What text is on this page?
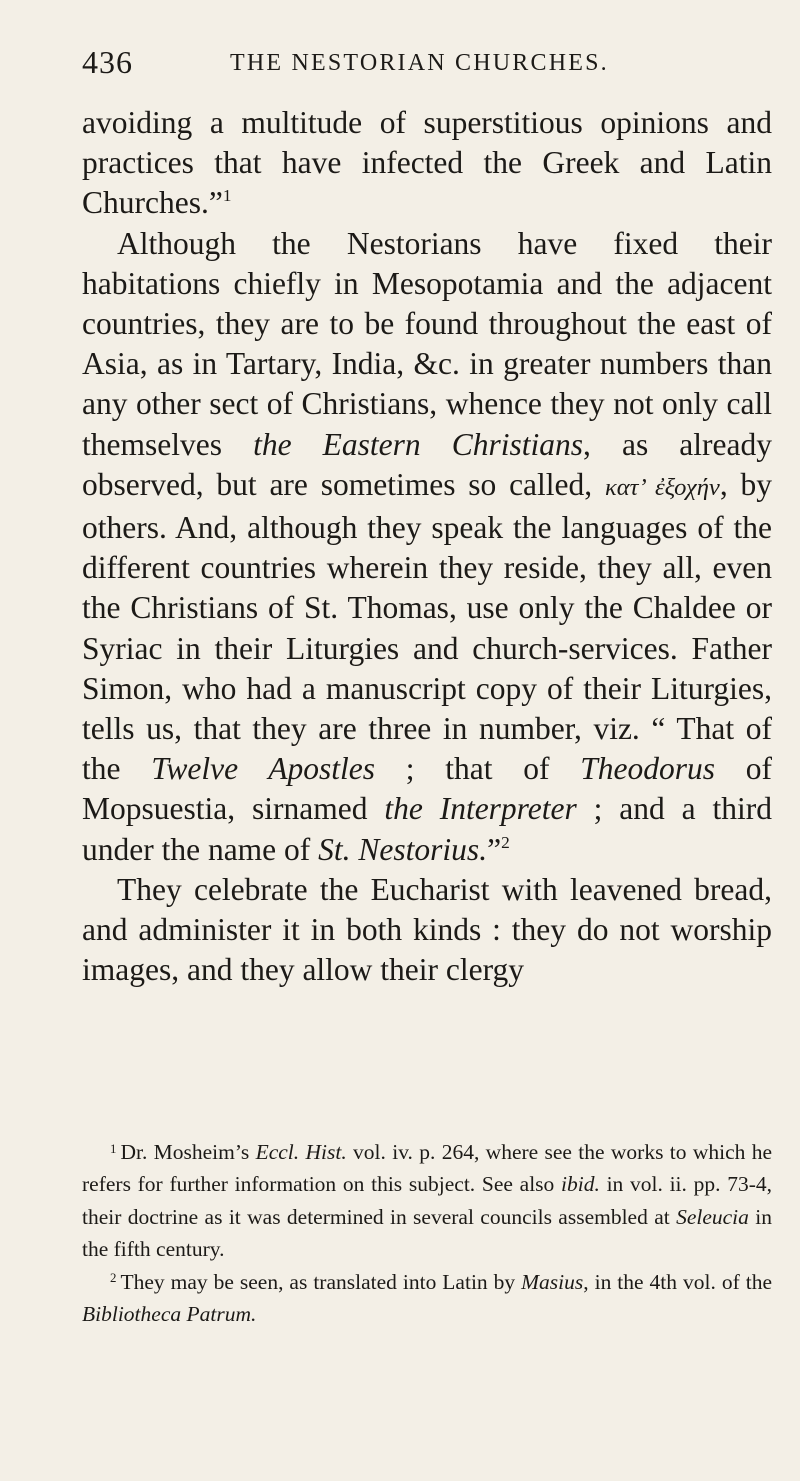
436	THE NESTORIAN CHURCHES.

avoiding a multitude of superstitious opinions and practices that have infected the Greek and Latin Churches.”$^1$

Although the Nestorians have fixed their habitations chiefly in Mesopotamia and the adjacent countries, they are to be found throughout the east of Asia, as in Tartary, India, &c. in greater numbers than any other sect of Christians, whence they not only call themselves the Eastern Christians, as already observed, but are sometimes so called, κατ’ ἐξοχήν, by others. And, although they speak the languages of the different countries wherein they reside, they all, even the Christians of St. Thomas, use only the Chaldee or Syriac in their Liturgies and church-services. Father Simon, who had a manuscript copy of their Liturgies, tells us, that they are three in number, viz. “ That of the Twelve Apostles ; that of Theodorus of Mopsuestia, sirnamed the Interpreter ; and a third under the name of St. Nestorius.”$^2$

They celebrate the Eucharist with leavened bread, and administer it in both kinds : they do not worship images, and they allow their clergy

$^1$ Dr. Mosheim’s Eccl. Hist. vol. iv. p. 264, where see the works to which he refers for further information on this subject. See also ibid. in vol. ii. pp. 73-4, their doctrine as it was determined in several councils assembled at Seleucia in the fifth century.

$^2$ They may be seen, as translated into Latin by Masius, in the 4th vol. of the Bibliotheca Patrum.
